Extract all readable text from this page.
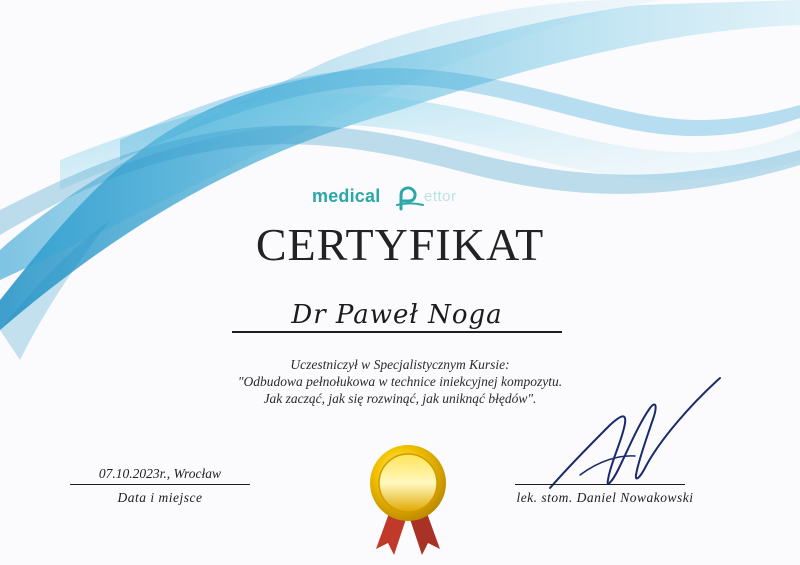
medical	ettor
CERTYFIKAT
Dr Paweł Noga
Uczestniczył w Specjalistycznym Kursie:
"Odbudowa pełnołukowa w technice iniekcyjnej kompozytu.
Jak zacząć, jak się rozwinąć, jak uniknąć błędów".
07.10.2023r., Wrocław
Data i miejsce	lek. stom. Daniel Nowakowski
